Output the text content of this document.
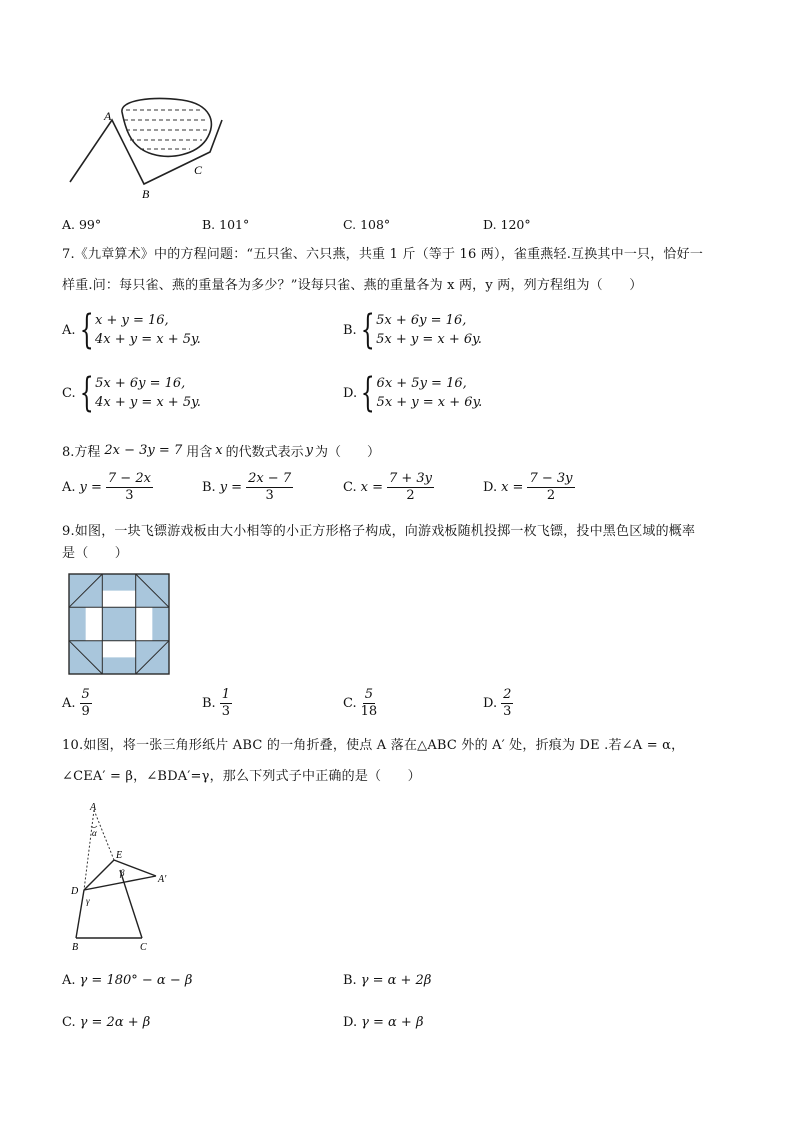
A
B
C
A. 99°	B. 101°	C. 108°	D. 120°
7.《九章算术》中的方程问题：“五只雀、六只燕，共重 1 斤（等于 16 两），雀重燕轻.互换其中一只，恰好一
样重.问：每只雀、燕的重量各为多少？”设每只雀、燕的重量各为 x 两，y 两，列方程组为（　　）
A. { x + y = 16,
4x + y = x + 5y.
B. { 5x + 6y = 16,
5x + y = x + 6y.
C. { 5x + 6y = 16,
4x + y = x + 5y.
D. { 6x + 5y = 16,
5x + y = x + 6y.
8.方程 2x − 3y = 7 用含 x 的代数式表示 y 为（　　）
A. $y = \frac{7 - 2x}{3}$	B. $y = \frac{2x - 7}{3}$	C. $x = \frac{7 + 3y}{2}$	D. $x = \frac{7 - 3y}{2}$
9.如图，一块飞镖游戏板由大小相等的小正方形格子构成，向游戏板随机投掷一枚飞镖，投中黑色区域的概率
是（　　）
A. $\frac{5}{9}$	B. $\frac{1}{3}$	C. $\frac{5}{18}$	D. $\frac{2}{3}$
10.如图，将一张三角形纸片 ABC 的一角折叠，使点 A 落在△ABC 外的 A′ 处，折痕为 DE .若∠A = α，
∠CEA′ = β，∠BDA′=γ，那么下列式子中正确的是（　　）
A
α
E
β
A′
D
γ
B	C
A. γ = 180° − α − β	B. γ = α + 2β
C. γ = 2α + β	D. γ = α + β
